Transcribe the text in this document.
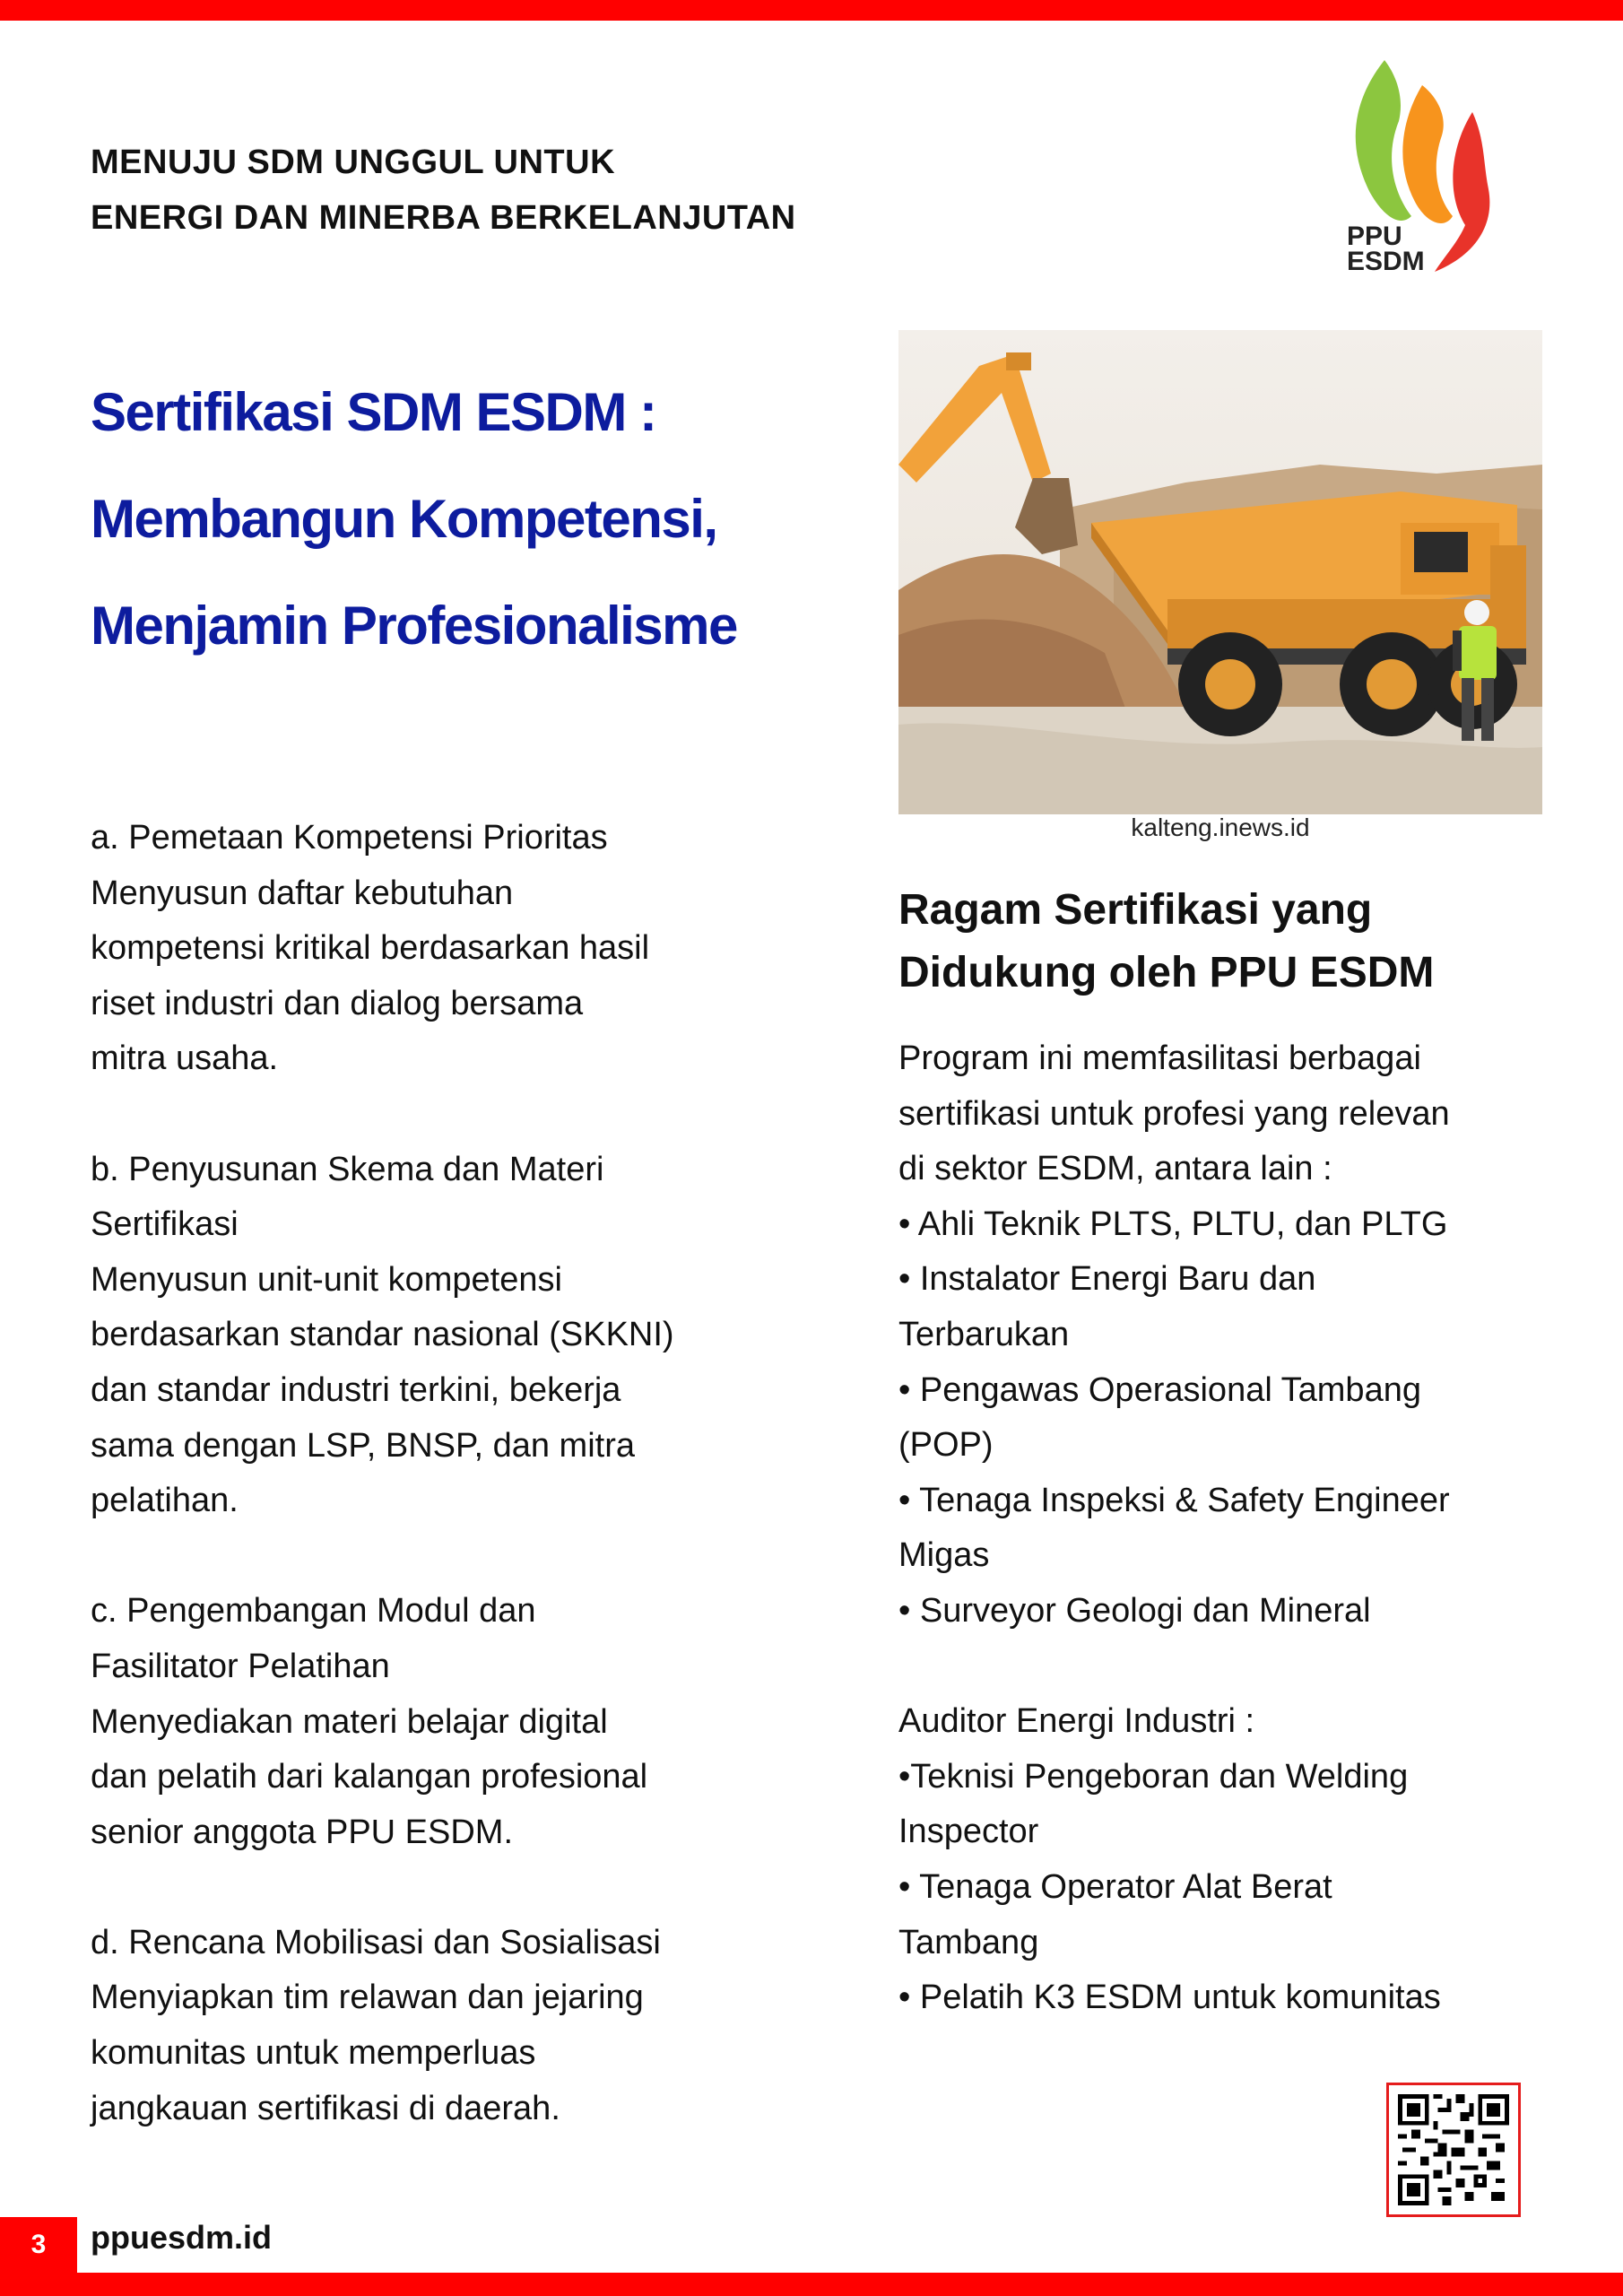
MENUJU SDM UNGGUL UNTUK
ENERGI DAN MINERBA BERKELANJUTAN	PPU
ESDM
Sertifikasi SDM ESDM :
Membangun Kompetensi,
Menjamin Profesionalisme
a. Pemetaan Kompetensi Prioritas
Menyusun daftar kebutuhan
kompetensi kritikal berdasarkan hasil
riset industri dan dialog bersama
mitra usaha.
b. Penyusunan Skema dan Materi
Sertifikasi
Menyusun unit-unit kompetensi
berdasarkan standar nasional (SKKNI)
dan standar industri terkini, bekerja
sama dengan LSP, BNSP, dan mitra
pelatihan.
c. Pengembangan Modul dan
Fasilitator Pelatihan
Menyediakan materi belajar digital
dan pelatih dari kalangan profesional
senior anggota PPU ESDM.
d. Rencana Mobilisasi dan Sosialisasi
Menyiapkan tim relawan dan jejaring
komunitas untuk memperluas
jangkauan sertifikasi di daerah.
kalteng.inews.id
Ragam Sertifikasi yang
Didukung oleh PPU ESDM
Program ini memfasilitasi berbagai
sertifikasi untuk profesi yang relevan
di sektor ESDM, antara lain :
• Ahli Teknik PLTS, PLTU, dan PLTG
• Instalator Energi Baru dan
Terbarukan
• Pengawas Operasional Tambang
(POP)
• Tenaga Inspeksi & Safety Engineer
Migas
• Surveyor Geologi dan Mineral
Auditor Energi Industri :
•Teknisi Pengeboran dan Welding
Inspector
• Tenaga Operator Alat Berat
Tambang
• Pelatih K3 ESDM untuk komunitas
3	ppuesdm.id
